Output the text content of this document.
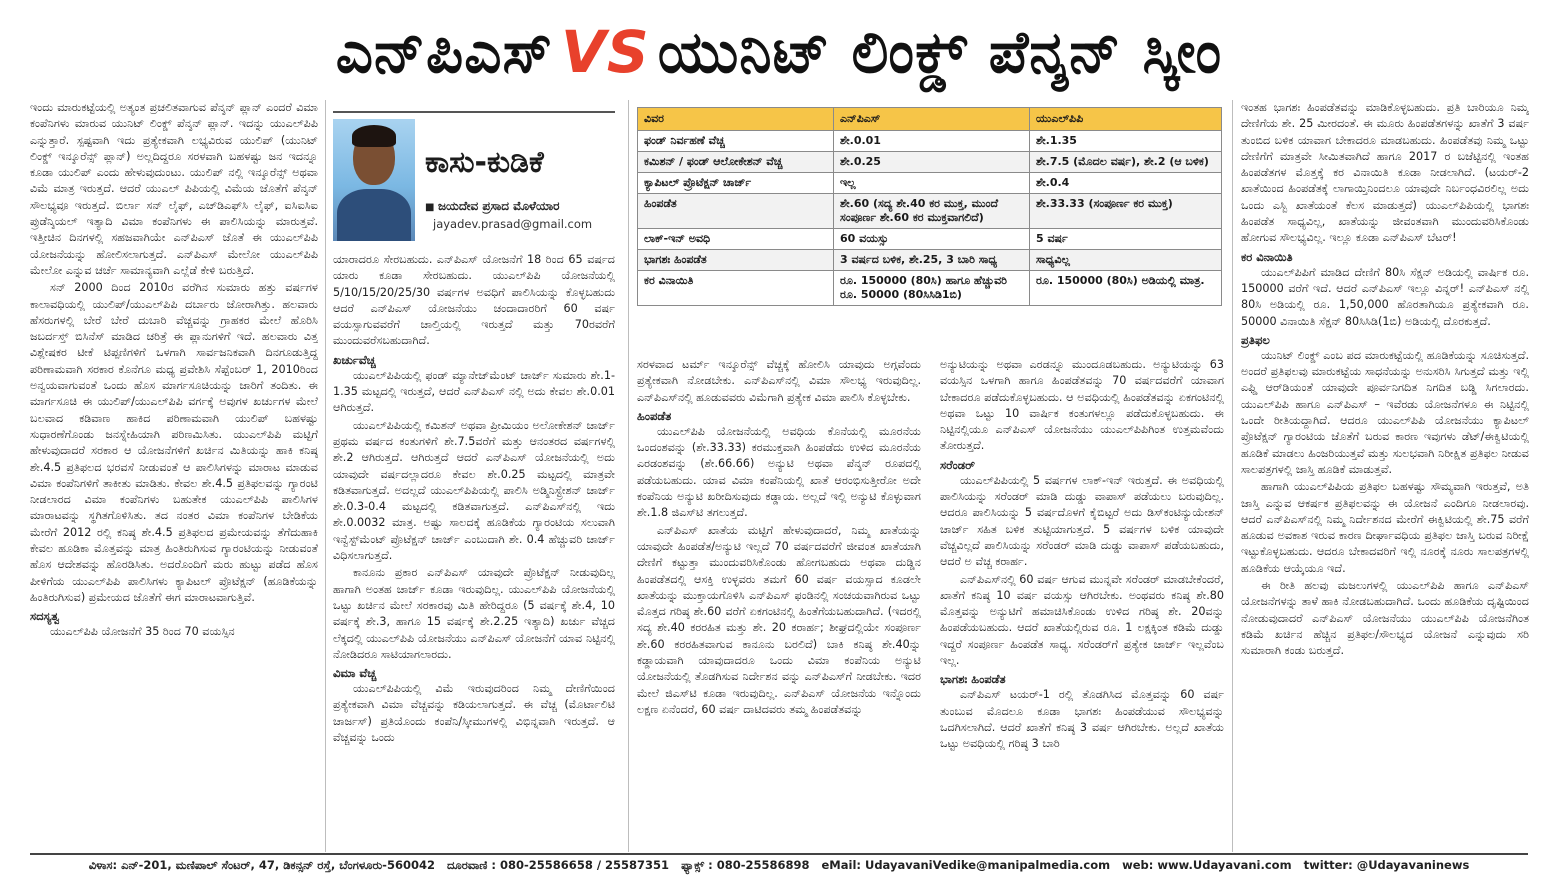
ಎನ್‌ಪಿಎಸ್ VS ಯುನಿಟ್ ಲಿಂಕ್ಡ್ ಪೆನ್ಶನ್ ಸ್ಕೀಂ

ಇಂದು ಮಾರುಕಟ್ಟೆಯಲ್ಲಿ ಅತ್ಯಂತ ಪ್ರಚಲಿತವಾಗುವ ಪೆನ್ಶನ್ ಪ್ಲಾನ್ ಎಂದರೆ ವಿಮಾ ಕಂಪೆನಿಗಳು ಮಾರುವ ಯುನಿಟ್ ಲಿಂಕ್ಡ್ ಪೆನ್ಶನ್ ಪ್ಲಾನ್. ಇದನ್ನು ಯುಎಲ್‌ಪಿಪಿ ಎನ್ನುತ್ತಾರೆ. ಸ್ಪಷ್ಟವಾಗಿ ಇದು ಪ್ರತ್ಯೇಕವಾಗಿ ಲಭ್ಯವಿರುವ ಯುಲಿಪ್ (ಯುನಿಟ್ ಲಿಂಕ್ಡ್ ಇನ್ಶೂರೆನ್ಸ್ ಪ್ಲಾನ್) ಅಲ್ಲದಿದ್ದರೂ ಸರಳವಾಗಿ ಬಹಳಷ್ಟು ಜನ ಇದನ್ನೂ ಕೂಡಾ ಯುಲಿಪ್ ಎಂದು ಹೇಳುವುದುಂಟು. ಯುಲಿಪ್ ನಲ್ಲಿ ಇನ್ಶೂರೆನ್ಸ್ ಅಥವಾ ವಿಮೆ ಮಾತ್ರ ಇರುತ್ತದೆ. ಆದರೆ ಯುಎಲ್ ಪಿಪಿಯಲ್ಲಿ ವಿಮೆಯ ಜೊತೆಗೆ ಪೆನ್ಶನ್ ಸೌಲಭ್ಯವೂ ಇರುತ್ತದೆ. ಬಿರ್ಲಾ ಸನ್ ಲೈಫ್, ಎಚ್‌ಡಿಎಫ್‌ಸಿ ಲೈಫ್, ಐಸಿಐಸಿಐ ಪ್ರುಡೆನ್ಶಿಯಲ್ ಇತ್ಯಾದಿ ವಿಮಾ ಕಂಪೆನಿಗಳು ಈ ಪಾಲಿಸಿಯನ್ನು ಮಾರುತ್ತವೆ. ಇತ್ತೀಚಿನ ದಿನಗಳಲ್ಲಿ ಸಹಜವಾಗಿಯೇ ಎನ್‌ಪಿಎಸ್ ಜೊತೆ ಈ ಯುಎಲ್‌ಪಿಪಿ ಯೋಜನೆಯನ್ನು ಹೋಲಿಸಲಾಗುತ್ತದೆ. ಎನ್‌ಪಿಎಸ್ ಮೇಲೋ ಯುಎಲ್‌ಪಿಪಿ ಮೇಲೋ ಎನ್ನುವ ಚರ್ಚೆ ಸಾಮಾನ್ಯವಾಗಿ ಎಲ್ಲೆಡೆ ಕೇಳಿ ಬರುತ್ತಿದೆ.

ಸನ್ 2000 ದಿಂದ 2010ರ ವರೆಗಿನ ಸುಮಾರು ಹತ್ತು ವರ್ಷಗಳ ಕಾಲಾವಧಿಯಲ್ಲಿ ಯುಲಿಪ್/ಯುಎಲ್‌ಪಿಪಿ ದರ್ಬಾರು ಜೋರಾಗಿತ್ತು. ಹಲವಾರು ಹೆಸರುಗಳಲ್ಲಿ ಬೇರೆ ಬೇರೆ ದುಬಾರಿ ವೆಚ್ಚವನ್ನು ಗ್ರಾಹಕರ ಮೇಲೆ ಹೊರಿಸಿ ಜಬರ್ದಸ್ತ್ ಬಿಸಿನೆಸ್ ಮಾಡಿದ ಚರಿತ್ರೆ ಈ ಪ್ಲಾನುಗಳಿಗೆ ಇದೆ. ಹಲವಾರು ವಿತ್ತ ವಿಶ್ಲೇಷಕರ ಟೀಕೆ ಟಿಪ್ಪಣಿಗಳಿಗೆ ಒಳಗಾಗಿ ಸಾರ್ವಜನಿಕವಾಗಿ ದಿನಗೂಡುತ್ತಿದ್ದ ಪರಿಣಾಮವಾಗಿ ಸರಕಾರ ಕೊನೆಗೂ ಮಧ್ಯ ಪ್ರವೇಶಿಸಿ ಸೆಪ್ಟೆಂಬರ್ 1, 2010ರಿಂದ ಅನ್ವಯವಾಗುವಂತೆ ಒಂದು ಹೊಸ ಮಾರ್ಗಸೂಚಿಯನ್ನು ಜಾರಿಗೆ ತಂದಿತು. ಈ ಮಾರ್ಗಸೂಚಿ ಈ ಯುಲಿಪ್/ಯುಎಲ್‌ಪಿಪಿ ವರ್ಗಕ್ಕೆ ಅವುಗಳ ಖರ್ಚುಗಳ ಮೇಲೆ ಬಲವಾದ ಕಡಿವಾಣ ಹಾಕಿದ ಪರಿಣಾಮವಾಗಿ ಯುಲಿಪ್ ಬಹಳಷ್ಟು ಸುಧಾರಣೆಗೊಂಡು ಜನಸ್ನೇಹಿಯಾಗಿ ಪರಿಣಮಿಸಿತು. ಯುಎಲ್‌ಪಿಪಿ ಮಟ್ಟಿಗೆ ಹೇಳುವುದಾದರೆ ಸರಕಾರ ಆ ಯೋಜನೆಗಳಿಗೆ ಖರ್ಚಿನ ಮಿತಿಯನ್ನು ಹಾಕಿ ಕನಿಷ್ಠ ಶೇ.4.5 ಪ್ರತಿಫಲದ ಭರವಸೆ ನೀಡುವಂತೆ ಆ ಪಾಲಿಸಿಗಳನ್ನು ಮಾರಾಟ ಮಾಡುವ ವಿಮಾ ಕಂಪೆನಿಗಳಿಗೆ ತಾಕೀತು ಮಾಡಿತು. ಕೇವಲ ಶೇ.4.5 ಪ್ರತಿಫಲವನ್ನು ಗ್ಯಾರಂಟಿ ನೀಡಲಾರದ ವಿಮಾ ಕಂಪೆನಿಗಳು ಬಹುತೇಕ ಯುಎಲ್‌ಪಿಪಿ ಪಾಲಿಸಿಗಳ ಮಾರಾಟವನ್ನು ಸ್ಥಗಿತಗೊಳಿಸಿತು. ತದ ನಂತರ ವಿಮಾ ಕಂಪೆನಿಗಳ ಬೇಡಿಕೆಯ ಮೇರೆಗೆ 2012 ರಲ್ಲಿ ಕನಿಷ್ಠ ಶೇ.4.5 ಪ್ರತಿಫಲದ ಪ್ರಮೇಯವನ್ನು ತೆಗೆದುಹಾಕಿ ಕೇವಲ ಹೂಡಿಕಾ ಮೊತ್ತವನ್ನು ಮಾತ್ರ ಹಿಂತಿರುಗಿಸುವ ಗ್ಯಾರಂಟಿಯನ್ನು ನೀಡುವಂತೆ ಹೊಸ ಆದೇಶವನ್ನು ಹೊರಡಿಸಿತು. ಅದರೊಂದಿಗೆ ಮರು ಹುಟ್ಟು ಪಡೆದ ಹೊಸ ಪೀಳಿಗೆಯ ಯುಎಲ್‌ಪಿಪಿ ಪಾಲಿಸಿಗಳು ಕ್ಯಾಪಿಟಲ್ ಪ್ರೊಟೆಕ್ಷನ್ (ಹೂಡಿಕೆಯನ್ನು ಹಿಂತಿರುಗಿಸುವ) ಪ್ರಮೇಯದ ಜೊತೆಗೆ ಈಗ ಮಾರಾಟವಾಗುತ್ತಿವೆ.

ಸದಸ್ಯತ್ವ

ಯುಎಲ್‌ಪಿಪಿ ಯೋಜನೆಗೆ 35 ರಿಂದ 70 ವಯಸ್ಸಿನ

ಕಾಸು-ಕುಡಿಕೆ
■ ಜಯದೇವ ಪ್ರಸಾದ ಮೊಳೆಯಾರ
jayadev.prasad@gmail.com

ಯಾರಾದರೂ ಸೇರಬಹುದು. ಎನ್‌ಪಿಎಸ್ ಯೋಜನೆಗೆ 18 ರಿಂದ 65 ವರ್ಷದ ಯಾರು ಕೂಡಾ ಸೇರಬಹುದು. ಯುಎಲ್‌ಪಿಪಿ ಯೋಜನೆಯಲ್ಲಿ 5/10/15/20/25/30 ವರ್ಷಗಳ ಅವಧಿಗೆ ಪಾಲಿಸಿಯನ್ನು ಕೊಳ್ಳಬಹುದು ಆದರೆ ಎನ್‌ಪಿಎಸ್ ಯೋಜನೆಯು ಚಂದಾದಾರರಿಗೆ 60 ವರ್ಷ ವಯಸ್ಸಾಗುವವರೆಗೆ ಚಾಲ್ತಿಯಲ್ಲಿ ಇರುತ್ತದೆ ಮತ್ತು 70ರವರೆಗೆ ಮುಂದುವರೆಸಬಹುದಾಗಿದೆ.

ಖರ್ಚುವೆಚ್ಚ

ಯುಎಲ್‌ಪಿಪಿಯಲ್ಲಿ ಫಂಡ್ ಮ್ಯಾನೇಜ್‌ಮೆಂಟ್ ಚಾರ್ಜ್ ಸುಮಾರು ಶೇ.1-1.35 ಮಟ್ಟದಲ್ಲಿ ಇರುತ್ತದೆ, ಆದರೆ ಎನ್‌ಪಿಎಸ್ ನಲ್ಲಿ ಅದು ಕೇವಲ ಶೇ.0.01 ಆಗಿರುತ್ತದೆ.

ಯುಎಲ್‌ಪಿಪಿಯಲ್ಲಿ ಕಮಿಶನ್ ಅಥವಾ ಪ್ರೀಮಿಯಂ ಅಲೋಕೇಶನ್ ಚಾರ್ಜ್ ಪ್ರಥಮ ವರ್ಷದ ಕಂತುಗಳಿಗೆ ಶೇ.7.5ವರೆಗೆ ಮತ್ತು ಆನಂತರದ ವರ್ಷಗಳಲ್ಲಿ ಶೇ.2 ಆಗಿರುತ್ತದೆ. ಆಗಿರುತ್ತದೆ ಆದರೆ ಎನ್‌ಪಿಎಸ್ ಯೋಜನೆಯಲ್ಲಿ ಅದು ಯಾವುದೇ ವರ್ಷದಲ್ಲಾದರೂ ಕೇವಲ ಶೇ.0.25 ಮಟ್ಟದಲ್ಲಿ ಮಾತ್ರವೇ ಕಡಿತವಾಗುತ್ತದೆ. ಅದಲ್ಲದೆ ಯುಎಲ್‌ಪಿಪಿಯಲ್ಲಿ ಪಾಲಿಸಿ ಅಡ್ಮಿನಿಸ್ಟ್ರೇಶನ್ ಚಾರ್ಜ್ ಶೇ.0.3-0.4 ಮಟ್ಟದಲ್ಲಿ ಕಡಿತವಾಗುತ್ತದೆ. ಎನ್‌ಪಿಎಸ್‌ನಲ್ಲಿ ಇದು ಶೇ.0.0032 ಮಾತ್ರ. ಅಷ್ಟು ಸಾಲದಕ್ಕೆ ಹೂಡಿಕೆಯ ಗ್ಯಾರಂಟಿಯ ಸಲುವಾಗಿ ಇನ್ವೆಸ್ಟ್‌ಮೆಂಟ್ ಪ್ರೊಟೆಕ್ಷನ್ ಚಾರ್ಜ್ ಎಂಬುದಾಗಿ ಶೇ. 0.4 ಹೆಚ್ಚುವರಿ ಚಾರ್ಜ್ ವಿಧಿಸಲಾಗುತ್ತದೆ.

ಕಾನೂನು ಪ್ರಕಾರ ಎನ್‌ಪಿಎಸ್ ಯಾವುದೇ ಪ್ರೊಟೆಕ್ಷನ್ ನೀಡುವುದಿಲ್ಲ ಹಾಗಾಗಿ ಅಂತಹ ಚಾರ್ಜ್ ಕೂಡಾ ಇರುವುದಿಲ್ಲ. ಯುಎಲ್‌ಪಿಪಿ ಯೋಜನೆಯಲ್ಲಿ ಒಟ್ಟು ಖರ್ಚಿನ ಮೇಲೆ ಸರಕಾರವು ಮಿತಿ ಹೇರಿದ್ದರೂ (5 ವರ್ಷಕ್ಕೆ ಶೇ.4, 10 ವರ್ಷಕ್ಕೆ ಶೇ.3, ಹಾಗೂ 15 ವರ್ಷಕ್ಕೆ ಶೇ.2.25 ಇತ್ಯಾದಿ) ಖರ್ಚು ವೆಚ್ಚದ ಲೆಕ್ಕದಲ್ಲಿ ಯುಎಲ್‌ಪಿಪಿ ಯೋಜನೆಯು ಎನ್‌ಪಿಎಸ್ ಯೋಜನೆಗೆ ಯಾವ ನಿಟ್ಟಿನಲ್ಲಿ ನೋಡಿದರೂ ಸಾಟಿಯಾಗಲಾರದು.

ವಿಮಾ ವೆಚ್ಚ

ಯುಎಲ್‌ಪಿಪಿಯಲ್ಲಿ ವಿಮೆ ಇರುವುದರಿಂದ ನಿಮ್ಮ ದೇಣಿಗೆಯಿಂದ ಪ್ರತ್ಯೇಕವಾಗಿ ವಿಮಾ ವೆಚ್ಚವನ್ನು ಕಡಿಯಲಾಗುತ್ತದೆ. ಈ ವೆಚ್ಚ (ಮೊರ್ಟಾಲಿಟಿ ಚಾರ್ಜಸ್) ಪ್ರತಿಯೊಂದು ಕಂಪೆನಿ/ಸ್ಕೀಮುಗಳಲ್ಲಿ ವಿಭಿನ್ನವಾಗಿ ಇರುತ್ತದೆ. ಆ ವೆಚ್ಚವನ್ನು ಒಂದು

ವಿವರ	ಎನ್‌ಪಿಎಸ್	ಯುಎಲ್‌ಪಿಪಿ
ಫಂಡ್ ನಿರ್ವಹಣೆ ವೆಚ್ಚ	ಶೇ.0.01	ಶೇ.1.35
ಕಮಿಶನ್ / ಫಂಡ್ ಆಲೋಕೇಶನ್ ವೆಚ್ಚ	ಶೇ.0.25	ಶೇ.7.5 (ಮೊದಲ ವರ್ಷ), ಶೇ.2 (ಆ ಬಳಿಕ)
ಕ್ಯಾಪಿಟಲ್ ಪ್ರೊಟೆಕ್ಷನ್ ಚಾರ್ಜ್	ಇಲ್ಲ	ಶೇ.0.4
ಹಿಂಪಡೆತ	ಶೇ.60 (ಸದ್ಯ ಶೇ.40 ಕರ ಮುಕ್ತ, ಮುಂದೆ ಸಂಪೂರ್ಣ ಶೇ.60 ಕರ ಮುಕ್ತವಾಗಲಿದೆ)	ಶೇ.33.33 (ಸಂಪೂರ್ಣ ಕರ ಮುಕ್ತ)
ಲಾಕ್-ಇನ್ ಅವಧಿ	60 ವಯಸ್ಸು	5 ವರ್ಷ
ಭಾಗಶಃ ಹಿಂಪಡೆತ	3 ವರ್ಷದ ಬಳಿಕ, ಶೇ.25, 3 ಬಾರಿ ಸಾಧ್ಯ	ಸಾಧ್ಯವಿಲ್ಲ
ಕರ ವಿನಾಯಿತಿ	ರೂ. 150000 (80ಸಿ) ಹಾಗೂ ಹೆಚ್ಚುವರಿ ರೂ. 50000 (80ಸಿಸಿಡಿ1ಬಿ)	ರೂ. 150000 (80ಸಿ) ಅಡಿಯಲ್ಲಿ ಮಾತ್ರ.

ಸರಳವಾದ ಟರ್ಮ್ ಇನ್ಶೂರೆನ್ಸ್ ವೆಚ್ಚಕ್ಕೆ ಹೋಲಿಸಿ ಯಾವುದು ಅಗ್ಗವೆಂದು ಪ್ರತ್ಯೇಕವಾಗಿ ನೋಡಬೇಕು. ಎನ್‌ಪಿಎಸ್‌ನಲ್ಲಿ ವಿಮಾ ಸೌಲಭ್ಯ ಇರುವುದಿಲ್ಲ. ಎನ್‌ಪಿಎಸ್‌ನಲ್ಲಿ ಹೂಡುವವರು ವಿಮೆಗಾಗಿ ಪ್ರತ್ಯೇಕ ವಿಮಾ ಪಾಲಿಸಿ ಕೊಳ್ಳಬೇಕು.

ಹಿಂಪಡೆತ

ಯುಎಲ್‌ಪಿಪಿ ಯೋಜನೆಯಲ್ಲಿ ಅವಧಿಯ ಕೊನೆಯಲ್ಲಿ ಮೂರನೆಯ ಒಂದಂಶವನ್ನು (ಶೇ.33.33) ಕರಮುಕ್ತವಾಗಿ ಹಿಂಪಡೆದು ಉಳಿದ ಮೂರನೆಯ ಎರಡಂಶವನ್ನು (ಶೇ.66.66) ಅನ್ಯುಟಿ ಅಥವಾ ಪೆನ್ಶನ್ ರೂಪದಲ್ಲಿ ಪಡೆಯಬಹುದು. ಯಾವ ವಿಮಾ ಕಂಪೆನಿಯಲ್ಲಿ ಖಾತೆ ಆರಂಭಿಸುತ್ತೀರೋ ಅದೇ ಕಂಪೆನಿಯ ಅನ್ಯುಟಿ ಖರೀದಿಸುವುದು ಕಡ್ಡಾಯ. ಅಲ್ಲದೆ ಇಲ್ಲಿ ಅನ್ಯುಟಿ ಕೊಳ್ಳುವಾಗ ಶೇ.1.8 ಜಿಎಸ್‌ಟಿ ತಗಲುತ್ತದೆ.

ಎನ್‌ಪಿಎಸ್ ಖಾತೆಯ ಮಟ್ಟಿಗೆ ಹೇಳುವುದಾದರೆ, ನಿಮ್ಮ ಖಾತೆಯನ್ನು ಯಾವುದೇ ಹಿಂಪಡೆತ/ಅನ್ಯುಟಿ ಇಲ್ಲದೆ 70 ವರ್ಷದವರೆಗೆ ಜೀವಂತ ಖಾತೆಯಾಗಿ ದೇಣಿಗೆ ಕಟ್ಟುತ್ತಾ ಮುಂದುವರಿಸಿಕೊಂಡು ಹೋಗಬಹುದು ಅಥವಾ ದುಡ್ಡಿನ ಹಿಂಪಡೆತದಲ್ಲಿ ಆಸಕ್ತಿ ಉಳ್ಳವರು ತಮಗೆ 60 ವರ್ಷ ವಯಸ್ಸಾದ ಕೂಡಲೇ ಖಾತೆಯನ್ನು ಮುಕ್ತಾಯಗೊಳಿಸಿ ಎನ್‌ಪಿಎಸ್ ಫಂಡಿನಲ್ಲಿ ಸಂಚಯವಾಗಿರುವ ಒಟ್ಟು ಮೊತ್ತದ ಗರಿಷ್ಠ ಶೇ.60 ವರೆಗೆ ಏಕಗಂಟಿನಲ್ಲಿ ಹಿಂತೆಗೆಯಬಹುದಾಗಿದೆ. (ಇದರಲ್ಲಿ ಸದ್ಯ ಶೇ.40 ಕರರಹಿತ ಮತ್ತು ಶೇ. 20 ಕರಾರ್ಹ; ಶೀಘ್ರದಲ್ಲಿಯೇ ಸಂಪೂರ್ಣ ಶೇ.60 ಕರರಹಿತವಾಗುವ ಕಾನೂನು ಬರಲಿದೆ) ಬಾಕಿ ಕನಿಷ್ಠ ಶೇ.40ನ್ನು ಕಡ್ಡಾಯವಾಗಿ ಯಾವುದಾದರೂ ಒಂದು ವಿಮಾ ಕಂಪೆನಿಯ ಅನ್ಯುಟಿ ಯೋಜನೆಯಲ್ಲಿ ತೊಡಗಿಸುವ ನಿರ್ದೇಶನ ವನ್ನು ಎನ್‌ಪಿಎಸ್‌ಗೆ ನೀಡಬೇಕು. ಇದರ ಮೇಲೆ ಜಿಎಸ್‌ಟಿ ಕೂಡಾ ಇರುವುದಿಲ್ಲ. ಎನ್‌ಪಿಎಸ್ ಯೋಜನೆಯ ಇನ್ನೊಂದು ಲಕ್ಷಣ ಏನೆಂದರೆ, 60 ವರ್ಷ ದಾಟಿದವರು ತಮ್ಮ ಹಿಂಪಡೆತವನ್ನು

ಅನ್ಯುಟಿಯನ್ನು ಅಥವಾ ಎರಡನ್ನೂ ಮುಂದೂಡಬಹುದು. ಅನ್ಯುಟಿಯನ್ನು 63 ವಯಸ್ಸಿನ ಒಳಗಾಗಿ ಹಾಗೂ ಹಿಂಪಡೆತವನ್ನು 70 ವರ್ಷದವರೆಗೆ ಯಾವಾಗ ಬೇಕಾದರೂ ಪಡೆದುಕೊಳ್ಳಬಹುದು. ಆ ಅವಧಿಯಲ್ಲಿ ಹಿಂಪಡೆತವನ್ನು ಏಕಗಂಟಿನಲ್ಲಿ ಅಥವಾ ಒಟ್ಟು 10 ವಾರ್ಷಿಕ ಕಂತುಗಳಲ್ಲೂ ಪಡೆದುಕೊಳ್ಳಬಹುದು. ಈ ನಿಟ್ಟಿನಲ್ಲಿಯೂ ಎನ್‌ಪಿಎಸ್ ಯೋಜನೆಯು ಯುಎಲ್‌ಪಿಪಿಗಿಂತ ಉತ್ತಮವೆಂದು ತೋರುತ್ತದೆ.

ಸರೆಂಡರ್

ಯುಎಲ್‌ಪಿಪಿಯಲ್ಲಿ 5 ವರ್ಷಗಳ ಲಾಕ್-ಇನ್ ಇರುತ್ತದೆ. ಈ ಅವಧಿಯಲ್ಲಿ ಪಾಲಿಸಿಯನ್ನು ಸರೆಂಡರ್ ಮಾಡಿ ದುಡ್ಡು ವಾಪಾಸ್ ಪಡೆಯಲು ಬರುವುದಿಲ್ಲ. ಆದರೂ ಪಾಲಿಸಿಯನ್ನು 5 ವರ್ಷದೊಳಗೆ ಕೈಬಿಟ್ಟರೆ ಅದು ಡಿಸ್‌ಕಂಟಿನ್ಯುಯೇಶನ್ ಚಾರ್ಜ್ ಸಹಿತ ಬಳಿಕ ತುಟ್ಟಿಯಾಗುತ್ತದೆ. 5 ವರ್ಷಗಳ ಬಳಿಕ ಯಾವುದೇ ವೆಚ್ಚವಿಲ್ಲದೆ ಪಾಲಿಸಿಯನ್ನು ಸರೆಂಡರ್ ಮಾಡಿ ದುಡ್ಡು ವಾಪಾಸ್ ಪಡೆಯಬಹುದು, ಆದರೆ ಅ ವೆಚ್ಚ ಕರಾರ್ಹ.

ಎನ್‌ಪಿಎಸ್‌ನಲ್ಲಿ 60 ವರ್ಷ ಆಗುವ ಮುನ್ನವೇ ಸರೆಂಡರ್ ಮಾಡಬೇಕೆಂದರೆ, ಖಾತೆಗೆ ಕನಿಷ್ಠ 10 ವರ್ಷ ವಯಸ್ಸು ಆಗಿರಬೇಕು. ಅಂಥವರು ಕನಿಷ್ಠ ಶೇ.80 ಮೊತ್ತವನ್ನು ಅನ್ಯುಟಿಗೆ ಹಮಾಚಿಸಿಕೊಂಡು ಉಳಿದ ಗರಿಷ್ಠ ಶೇ. 20ವನ್ನು ಹಿಂಪಡೆಯಬಹುದು. ಆದರೆ ಖಾತೆಯಲ್ಲಿರುವ ರೂ. 1 ಲಕ್ಷಕ್ಕಿಂತ ಕಡಿಮೆ ದುಡ್ಡು ಇದ್ದರೆ ಸಂಪೂರ್ಣ ಹಿಂಪಡೆತ ಸಾಧ್ಯ. ಸರೆಂಡರ್‌ಗೆ ಪ್ರತ್ಯೇಕ ಚಾರ್ಜ್ ಇಲ್ಲವೆಂಬ ಇಲ್ಲ.

ಭಾಗಶಃ ಹಿಂಪಡೆತ

ಎನ್‌ಪಿಎಸ್ ಟಯರ್-1 ರಲ್ಲಿ ತೊಡಗಿಸಿದ ಮೊತ್ತವನ್ನು 60 ವರ್ಷ ತುಂಬುವ ಮೊದಲೂ ಕೂಡಾ ಭಾಗಶಃ ಹಿಂಪಡೆಯುವ ಸೌಲಭ್ಯವನ್ನು ಒದಗಿಸಲಾಗಿದೆ. ಆದರೆ ಖಾತೆಗೆ ಕನಿಷ್ಠ 3 ವರ್ಷ ಆಗಿರಬೇಕು. ಅಲ್ಲದೆ ಖಾತೆಯ ಒಟ್ಟು ಅವಧಿಯಲ್ಲಿ ಗರಿಷ್ಠ 3 ಬಾರಿ

ಇಂತಹ ಭಾಗಶಃ ಹಿಂಪಡೆತವನ್ನು ಮಾಡಿಕೊಳ್ಳಬಹುದು. ಪ್ರತಿ ಬಾರಿಯೂ ನಿಮ್ಮ ದೇಣಿಗೆಯ ಶೇ. 25 ಮೀರದಂತೆ. ಈ ಮೂರು ಹಿಂಪಡೆತಗಳನ್ನು ಖಾತೆಗೆ 3 ವರ್ಷ ತುಂಬಿದ ಬಳಿಕ ಯಾವಾಗ ಬೇಕಾದರೂ ಮಾಡಬಹುದು. ಹಿಂಪಡೆತವು ನಿಮ್ಮ ಒಟ್ಟು ದೇಣಿಗೆಗೆ ಮಾತ್ರವೇ ಸೀಮಿತವಾಗಿದೆ ಹಾಗೂ 2017 ರ ಬಜೆಟ್ಟಿನಲ್ಲಿ ಇಂತಹ ಹಿಂಪಡೆತಗಳ ಮೊತ್ತಕ್ಕೆ ಕರ ವಿನಾಯಿತಿ ಕೂಡಾ ನೀಡಲಾಗಿದೆ. (ಟಯರ್-2 ಖಾತೆಯಿಂದ ಹಿಂಪಡೆತಕ್ಕೆ ಲಾಗಾಯ್ತಿನಿಂದಲೂ ಯಾವುದೇ ನಿರ್ಬಂಧವಿರಲಿಲ್ಲ ಅದು ಒಂದು ಎಸ್ಬಿ ಖಾತೆಯಂತೆ ಕೆಲಸ ಮಾಡುತ್ತದೆ) ಯುಎಲ್‌ಪಿಪಿಯಲ್ಲಿ ಭಾಗಶಃ ಹಿಂಪಡೆತ ಸಾಧ್ಯವಿಲ್ಲ, ಖಾತೆಯನ್ನು ಜೀವಂತವಾಗಿ ಮುಂದುವರಿಸಿಕೊಂಡು ಹೋಗುವ ಸೌಲಭ್ಯವಿಲ್ಲ. ಇಲ್ಲೂ ಕೂಡಾ ಎನ್‌ಪಿಎಸ್ ಬೆಟರ್!

ಕರ ವಿನಾಯಿತಿ

ಯುಎಲ್‌ಪಿಪಿಗೆ ಮಾಡಿದ ದೇಣಿಗೆ 80ಸಿ ಸೆಕ್ಷನ್ ಅಡಿಯಲ್ಲಿ ವಾರ್ಷಿಕ ರೂ. 150000 ವರೆಗೆ ಇದೆ. ಆದರೆ ಎನ್‌ಪಿಎಸ್ ಇಲ್ಲೂ ವಿನ್ನರ್! ಎನ್‌ಪಿಎಸ್ ನಲ್ಲಿ 80ಸಿ ಅಡಿಯಲ್ಲಿ ರೂ. 1,50,000 ಹೊರತಾಗಿಯೂ ಪ್ರತ್ಯೇಕವಾಗಿ ರೂ. 50000 ವಿನಾಯಿತಿ ಸೆಕ್ಷನ್ 80ಸಿಸಿಡಿ(1ಬಿ) ಅಡಿಯಲ್ಲಿ ದೊರಕುತ್ತದೆ.

ಪ್ರತಿಫಲ

ಯುನಿಟ್ ಲಿಂಕ್ಡ್ ಎಂಬ ಪದ ಮಾರುಕಟ್ಟೆಯಲ್ಲಿ ಹೂಡಿಕೆಯನ್ನು ಸೂಚಿಸುತ್ತದೆ. ಅಂದರೆ ಪ್ರತಿಫಲವು ಮಾರುಕಟ್ಟೆಯ ಸಾಧನೆಯನ್ನು ಅನುಸರಿಸಿ ಸಿಗುತ್ತದೆ ಮತ್ತು ಇಲ್ಲಿ ಎಫ್ಡಿ ಆರ್‌ಡಿಯಂತೆ ಯಾವುದೇ ಪೂರ್ವನಿಗದಿತ ನಿಗದಿತ ಬಡ್ಡಿ ಸಿಗಲಾರದು. ಯುಎಲ್‌ಪಿಪಿ ಹಾಗೂ ಎನ್‌ಪಿಎಸ್ – ಇವೆರಡು ಯೋಜನೆಗಳೂ ಈ ನಿಟ್ಟಿನಲ್ಲಿ ಒಂದೇ ರೀತಿಯದ್ದಾಗಿದೆ. ಆದರೂ ಯುಎಲ್‌ಪಿಪಿ ಯೋಜನೆಯು ಕ್ಯಾಪಿಟಲ್ ಪ್ರೊಟೆಕ್ಷನ್ ಗ್ಯಾರಂಟಿಯ ಜೊತೆಗೆ ಬರುವ ಕಾರಣ ಇವುಗಳು ಡೆಟ್/ಈಕ್ವಿಟಿಯಲ್ಲಿ ಹೂಡಿಕೆ ಮಾಡಲು ಹಿಂಜರಿಯುತ್ತವೆ ಮತ್ತು ಸುಲಭವಾಗಿ ನಿರೀಕ್ಷಿತ ಪ್ರತಿಫಲ ನೀಡುವ ಸಾಲಪತ್ರಗಳಲ್ಲಿ ಜಾಸ್ತಿ ಹೂಡಿಕೆ ಮಾಡುತ್ತವೆ.

ಹಾಗಾಗಿ ಯುಎಲ್‌ಪಿಪಿಯ ಪ್ರತಿಫಲ ಬಹಳಷ್ಟು ಸೌಮ್ಯವಾಗಿ ಇರುತ್ತವೆ, ಅತಿ ಜಾಸ್ತಿ ಎನ್ನುವ ಆಕರ್ಷಕ ಪ್ರತಿಫಲವನ್ನು ಈ ಯೋಜನೆ ಎಂದಿಗೂ ನೀಡಲಾರವು. ಆದರೆ ಎನ್‌ಪಿಎಸ್‌ನಲ್ಲಿ ನಿಮ್ಮ ನಿರ್ದೇಶನದ ಮೇರೆಗೆ ಈಕ್ವಿಟಿಯಲ್ಲಿ ಶೇ.75 ವರೆಗೆ ಹೂಡುವ ಅವಕಾಶ ಇರುವ ಕಾರಣ ದೀರ್ಘಾವಧಿಯ ಪ್ರತಿಫಲ ಜಾಸ್ತಿ ಬರುವ ನಿರೀಕ್ಷೆ ಇಟ್ಟುಕೊಳ್ಳಬಹುದು. ಆದರೂ ಬೇಕಾದವರಿಗೆ ಇಲ್ಲಿ ನೂರಕ್ಕೆ ನೂರು ಸಾಲಪತ್ರಗಳಲ್ಲಿ ಹೂಡಿಕೆಯ ಆಯ್ಕೆಯೂ ಇದೆ.

ಈ ರೀತಿ ಹಲವು ಮಜಲುಗಳಲ್ಲಿ ಯುಎಲ್‌ಪಿಪಿ ಹಾಗೂ ಎನ್‌ಪಿಎಸ್ ಯೋಜನೆಗಳನ್ನು ತಾಳೆ ಹಾಕಿ ನೋಡಬಹುದಾಗಿದೆ. ಒಂದು ಹೂಡಿಕೆಯ ದೃಷ್ಟಿಯಿಂದ ನೋಡುವುದಾದರೆ ಎನ್‌ಪಿಎಸ್ ಯೋಜನೆಯು ಯುಎಲ್‌ಪಿಪಿ ಯೋಜನೆಗಿಂತ ಕಡಿಮೆ ಖರ್ಚಿನ ಹೆಚ್ಚಿನ ಪ್ರತಿಫಲ/ಸೌಲಭ್ಯದ ಯೋಜನೆ ಎನ್ನುವುದು ಸರಿ ಸುಮಾರಾಗಿ ಕಂಡು ಬರುತ್ತದೆ.

ವಿಳಾಸ: ಎನ್-201, ಮಣಿಪಾಲ್ ಸೆಂಟರ್, 47, ಡಿಕನ್ಸನ್ ರಸ್ತೆ, ಬೆಂಗಳೂರು-560042 ದೂರವಾಣಿ : 080-25586658 / 25587351 ಫ್ಯಾಕ್ಸ್ : 080-25586898 eMail: UdayavaniVedike@manipalmedia.com web: www.Udayavani.com twitter: @Udayavaninews
